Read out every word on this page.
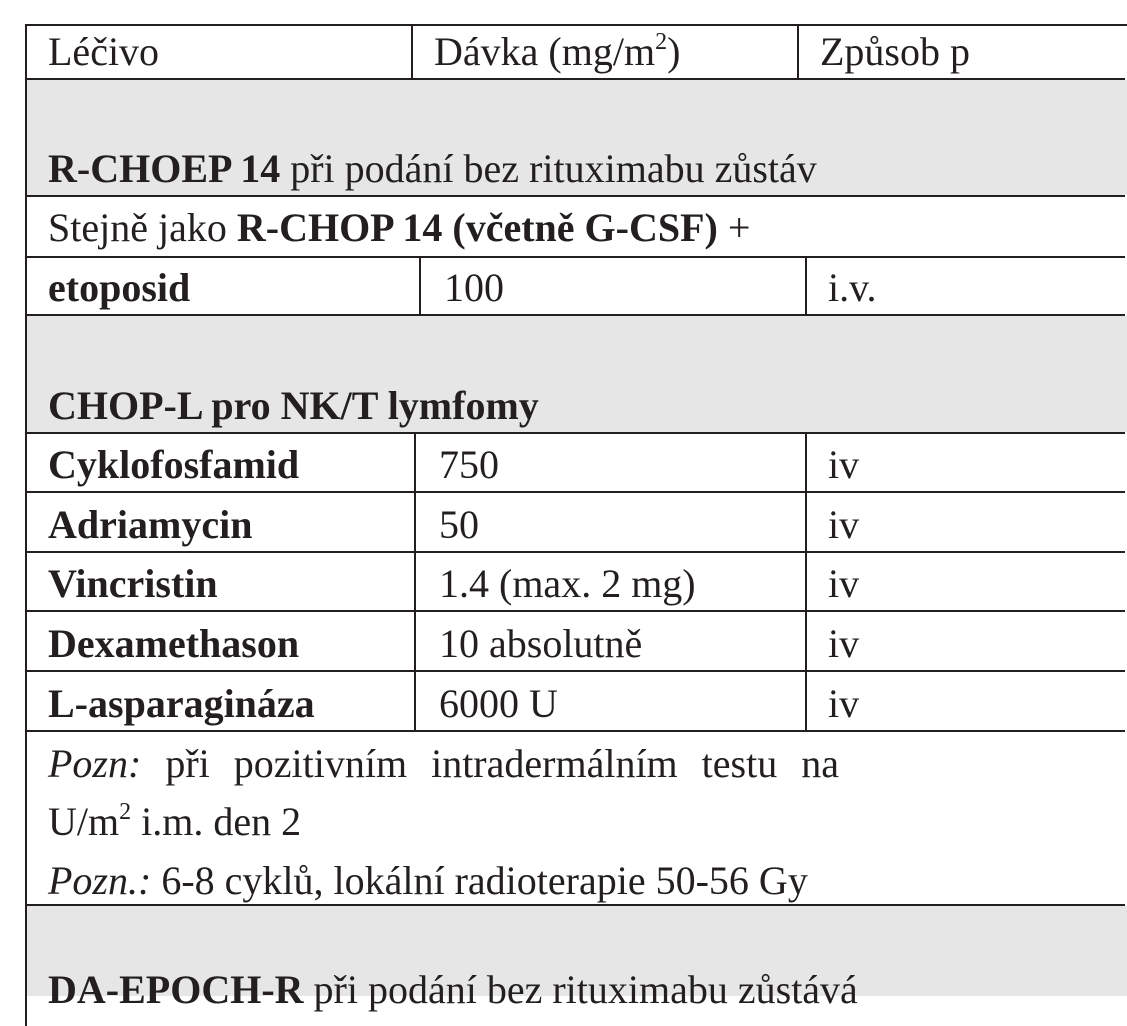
Léčivo	Dávka $(mg/m^2)$	Způsob p
R-CHOEP 14 při podání bez rituximabu zůstáv
Stejně jako R-CHOP 14 (včetně G-CSF) +
etoposid	100	i.v.
CHOP-L pro NK/T lymfomy
Cyklofosfamid	750	iv
Adriamycin	50	iv
Vincristin	1.4 (max. 2 mg)	iv
Dexamethason	10 absolutně	iv
L-asparagináza	6000 U	iv
Pozn: při pozitivním intradermálním testu na
$U/m^2$ i.m. den 2
Pozn.: 6-8 cyklů, lokální radioterapie 50-56 Gy
DA-EPOCH-R při podání bez rituximabu zůstává
